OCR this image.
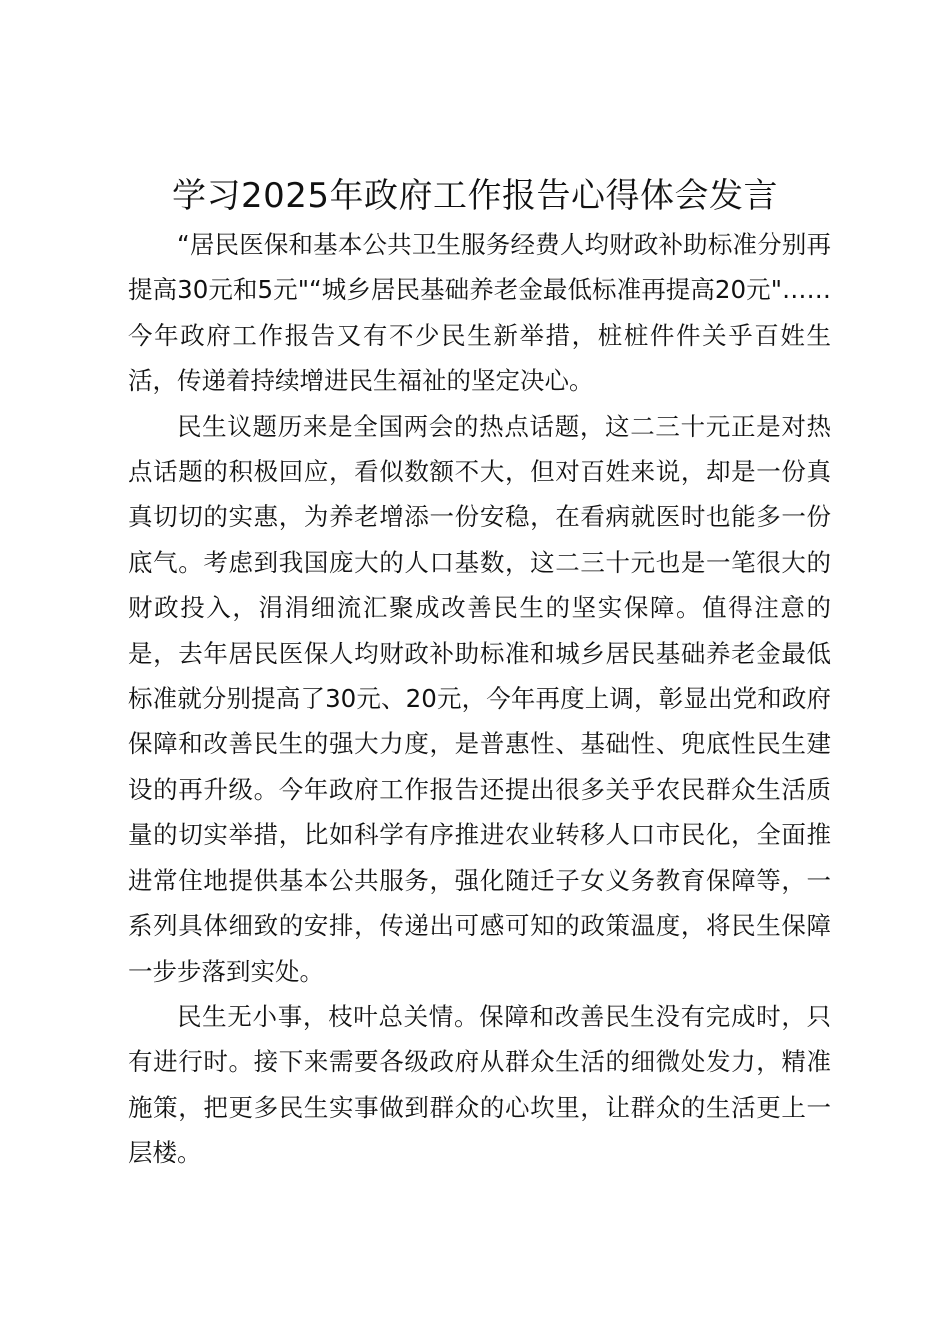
学习2025年政府工作报告心得体会发言

“居民医保和基本公共卫生服务经费人均财政补助标准分别再提高30元和5元"“城乡居民基础养老金最低标准再提高20元"……今年政府工作报告又有不少民生新举措，桩桩件件关乎百姓生活，传递着持续增进民生福祉的坚定决心。

民生议题历来是全国两会的热点话题，这二三十元正是对热点话题的积极回应，看似数额不大，但对百姓来说，却是一份真真切切的实惠，为养老增添一份安稳，在看病就医时也能多一份底气。考虑到我国庞大的人口基数，这二三十元也是一笔很大的财政投入，涓涓细流汇聚成改善民生的坚实保障。值得注意的是，去年居民医保人均财政补助标准和城乡居民基础养老金最低标准就分别提高了30元、20元，今年再度上调，彰显出党和政府保障和改善民生的强大力度，是普惠性、基础性、兜底性民生建设的再升级。今年政府工作报告还提出很多关乎农民群众生活质量的切实举措，比如科学有序推进农业转移人口市民化，全面推进常住地提供基本公共服务，强化随迁子女义务教育保障等，一系列具体细致的安排，传递出可感可知的政策温度，将民生保障一步步落到实处。

民生无小事，枝叶总关情。保障和改善民生没有完成时，只有进行时。接下来需要各级政府从群众生活的细微处发力，精准施策，把更多民生实事做到群众的心坎里，让群众的生活更上一层楼。
